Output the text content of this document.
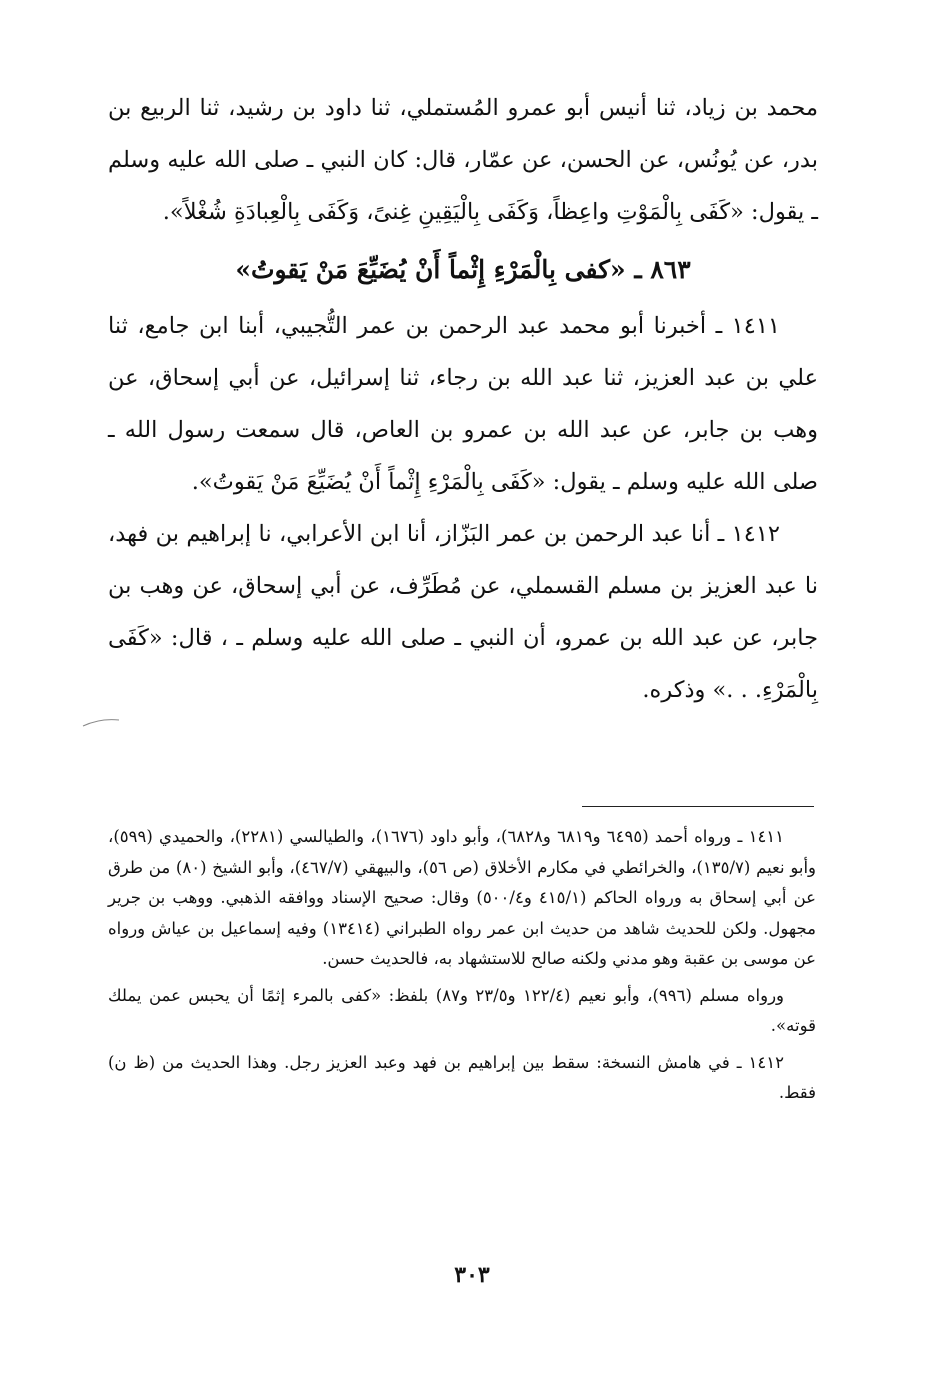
محمد بن زياد، ثنا أنيس أبو عمرو المُستملي، ثنا داود بن رشيد، ثنا الربيع بن بدر، عن يُونُس، عن الحسن، عن عمّار، قال: كان النبي ـ صلى الله عليه وسلم ـ يقول: «كَفَى بِالْمَوْتِ واعِظاً، وَكَفَى بِالْيَقِينِ غِنىً، وَكَفَى بِالْعِبادَةِ شُغْلاً».

٨٦٣ ـ «كفى بِالْمَرْءِ إِثْماً أَنْ يُضَيِّعَ مَنْ يَقوتُ»

١٤١١ ـ أخبرنا أبو محمد عبد الرحمن بن عمر التُّجيبي، أبنا ابن جامع، ثنا علي بن عبد العزيز، ثنا عبد الله بن رجاء، ثنا إسرائيل، عن أبي إسحاق، عن وهب بن جابر، عن عبد الله بن عمرو بن العاص، قال سمعت رسول الله ـ صلى الله عليه وسلم ـ يقول: «كَفَى بِالْمَرْءِ إِثْماً أَنْ يُضَيِّعَ مَنْ يَقوتُ».

١٤١٢ ـ أنا عبد الرحمن بن عمر البَزّاز، أنا ابن الأعرابي، نا إبراهيم بن فهد، نا عبد العزيز بن مسلم القسملي، عن مُطَرِّف، عن أبي إسحاق، عن وهب بن جابر، عن عبد الله بن عمرو، أن النبي ـ صلى الله عليه وسلم ـ ، قال: «كَفَى بِالْمَرْءِ. . .» وذكره.

١٤١١ ـ ورواه أحمد (٦٤٩٥ و٦٨١٩ و٦٨٢٨)، وأبو داود (١٦٧٦)، والطيالسي (٢٢٨١)، والحميدي (٥٩٩)، وأبو نعيم (١٣٥/٧)، والخرائطي في مكارم الأخلاق (ص ٥٦)، والبيهقي (٤٦٧/٧)، وأبو الشيخ (٨٠) من طرق عن أبي إسحاق به ورواه الحاكم (٤١٥/١ و٥٠٠/٤) وقال: صحيح الإسناد ووافقه الذهبي. ووهب بن جرير مجهول. ولكن للحديث شاهد من حديث ابن عمر رواه الطبراني (١٣٤١٤) وفيه إسماعيل بن عياش ورواه عن موسى بن عقبة وهو مدني ولكنه صالح للاستشهاد به، فالحديث حسن.

ورواه مسلم (٩٩٦)، وأبو نعيم (١٢٢/٤ و٢٣/٥ و٨٧) بلفظ: «كفى بالمرء إثمًا أن يحبس عمن يملك قوته».

١٤١٢ ـ في هامش النسخة: سقط بين إبراهيم بن فهد وعبد العزيز رجل. وهذا الحديث من (ظ ن) فقط.

٣٠٣
